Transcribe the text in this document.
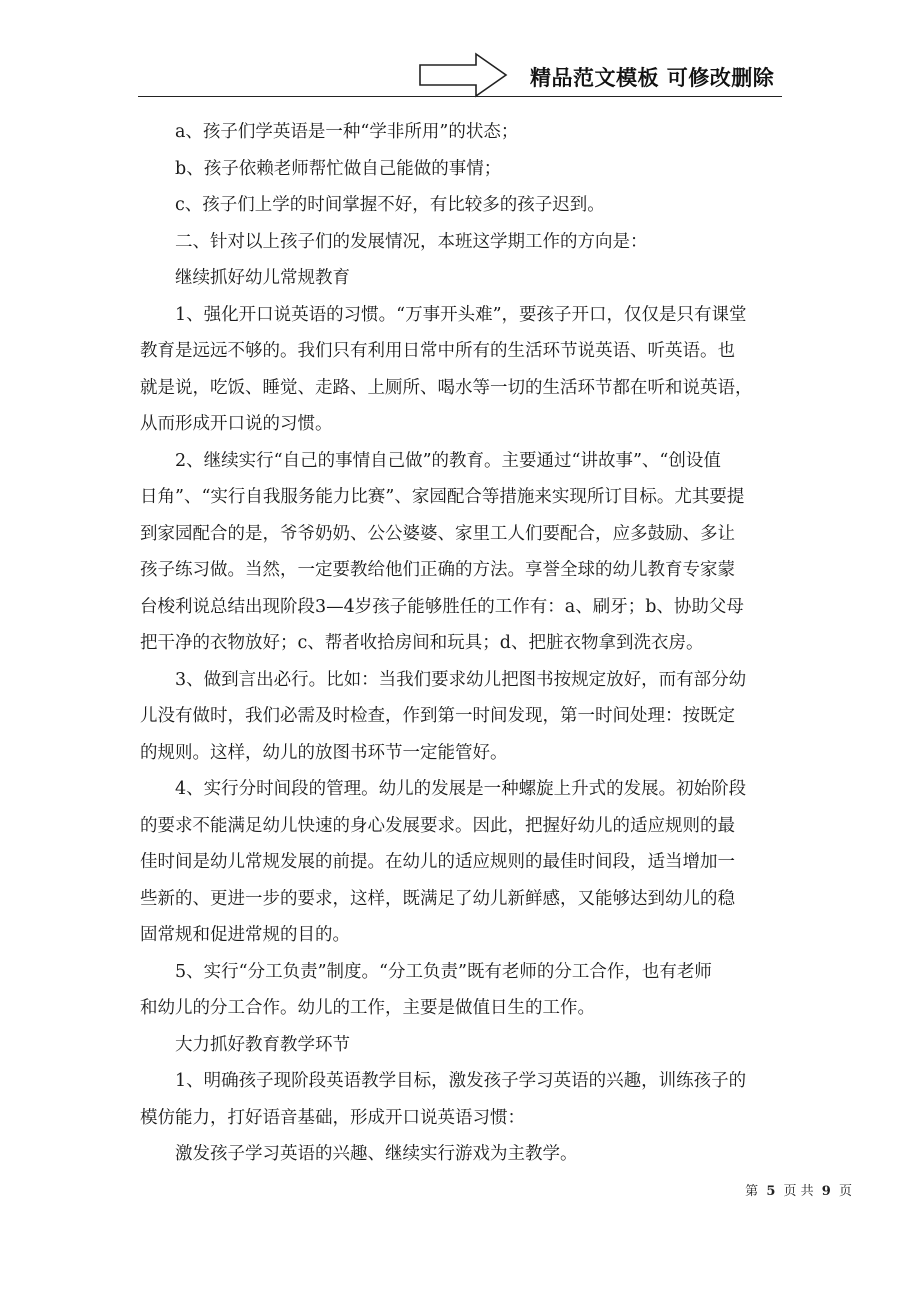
精品范文模板 可修改删除
a、孩子们学英语是一种“学非所用”的状态；
b、孩子依赖老师帮忙做自己能做的事情；
c、孩子们上学的时间掌握不好，有比较多的孩子迟到。
二、针对以上孩子们的发展情况，本班这学期工作的方向是：
继续抓好幼儿常规教育
1、强化开口说英语的习惯。“万事开头难”，要孩子开口，仅仅是只有课堂
教育是远远不够的。我们只有利用日常中所有的生活环节说英语、听英语。也
就是说，吃饭、睡觉、走路、上厕所、喝水等一切的生活环节都在听和说英语，
从而形成开口说的习惯。
2、继续实行“自己的事情自己做”的教育。主要通过“讲故事”、“创设值
日角”、“实行自我服务能力比赛”、家园配合等措施来实现所订目标。尤其要提
到家园配合的是，爷爷奶奶、公公婆婆、家里工人们要配合，应多鼓励、多让
孩子练习做。当然，一定要教给他们正确的方法。享誉全球的幼儿教育专家蒙
台梭利说总结出现阶段3—4岁孩子能够胜任的工作有：a、刷牙；b、协助父母
把干净的衣物放好；c、帮者收拾房间和玩具；d、把脏衣物拿到洗衣房。
3、做到言出必行。比如：当我们要求幼儿把图书按规定放好，而有部分幼
儿没有做时，我们必需及时检查，作到第一时间发现，第一时间处理：按既定
的规则。这样，幼儿的放图书环节一定能管好。
4、实行分时间段的管理。幼儿的发展是一种螺旋上升式的发展。初始阶段
的要求不能满足幼儿快速的身心发展要求。因此，把握好幼儿的适应规则的最
佳时间是幼儿常规发展的前提。在幼儿的适应规则的最佳时间段，适当增加一
些新的、更进一步的要求，这样，既满足了幼儿新鲜感，又能够达到幼儿的稳
固常规和促进常规的目的。
5、实行“分工负责”制度。“分工负责”既有老师的分工合作，也有老师
和幼儿的分工合作。幼儿的工作，主要是做值日生的工作。
大力抓好教育教学环节
1、明确孩子现阶段英语教学目标，激发孩子学习英语的兴趣，训练孩子的
模仿能力，打好语音基础，形成开口说英语习惯：
激发孩子学习英语的兴趣、继续实行游戏为主教学。
第 5 页 共 9 页
